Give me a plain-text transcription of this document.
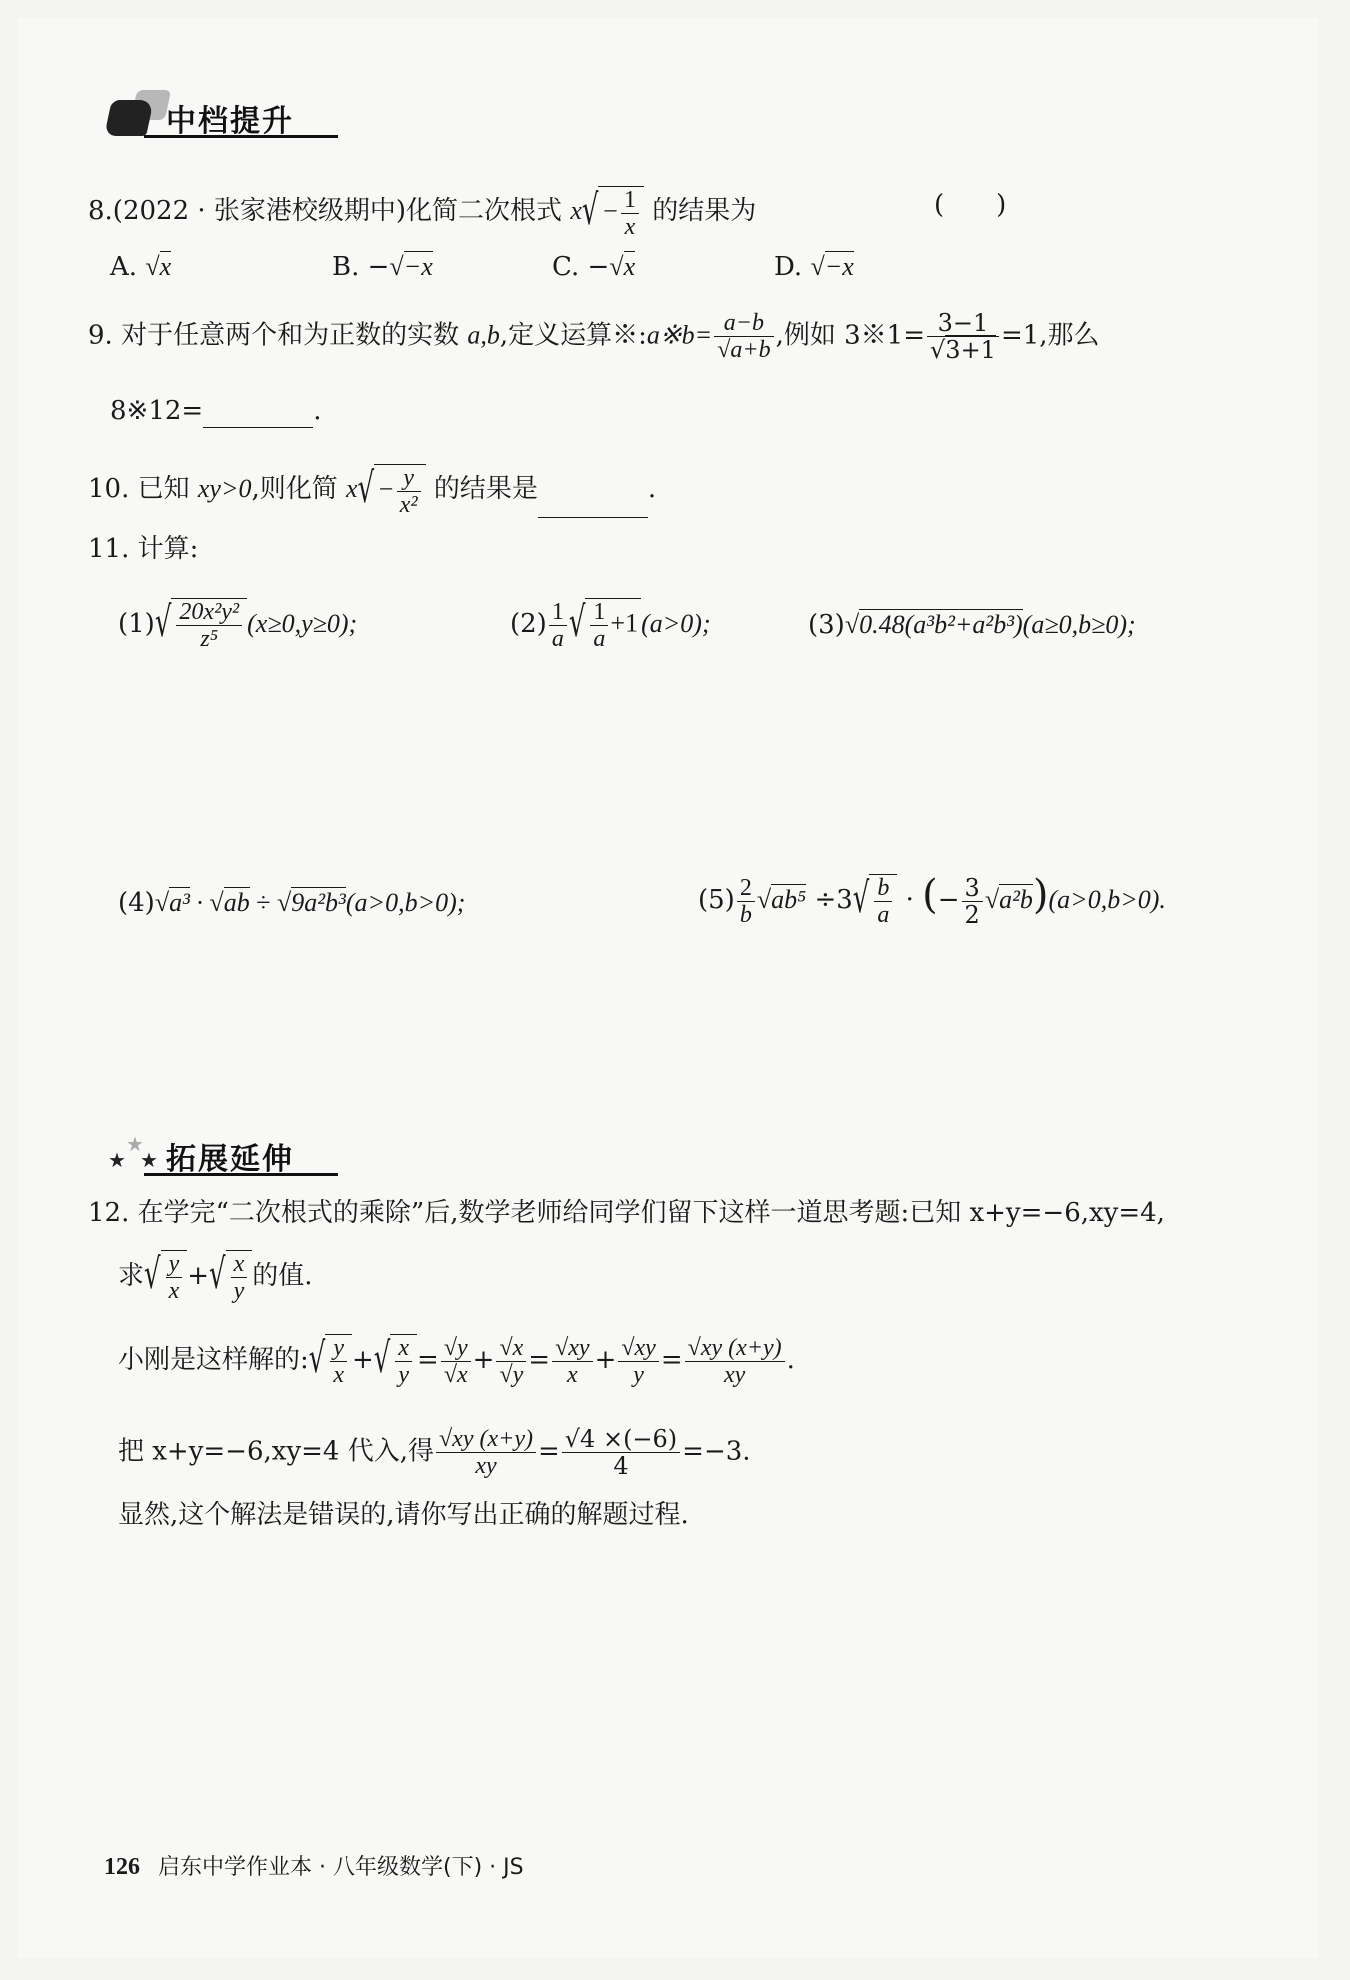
中档提升
8.(2022 · 张家港校级期中)化简二次根式 $x√ - \frac{1}{x}$ 的结果为	(　　)
A. √x	B. −√−x	C. −√x	D. √−x
9. 对于任意两个和为正数的实数 a,b,定义运算※:a※b= $\frac{a-b}{√a+b}$ ,例如 3※1= $\frac{3-1}{√3+1} =1$,那么
8※12=	.
10. 已知 xy>0,则化简 $x√ - \frac{y}{\text{x²}}$ 的结果是	.
11. 计算:
$(1)√ \frac{\text{20x²y²}}{\text{z⁵}} (x\ge 0,y\ge 0)$;	$(2) \frac{1}{a}$ √ $\frac{1}{a} +1$ (a>0);	(3)√0.48(a³b²+a²b³)(a≥0,b≥0);
(4)√a³ · √ab ÷ √9a²b³(a>0,b>0);	$(5) \frac{2}{b} √ab^5 \div 3√ \frac{b}{a}$ · (− $\frac{3}{2} √a^2b)(a>0,b>0)$.
★
★
★ 拓展延伸
12. 在学完“二次根式的乘除”后,数学老师给同学们留下这样一道思考题:已知 x+y=−6,xy=4,
求√ $\frac{y}{x}$ +√ $\frac{x}{y}$ 的值.
小刚是这样解的:√ $\frac{y}{x}$ +√ $\frac{x}{y} = \frac{√y}{√x} + \frac{√x}{√y} = \frac{√xy}{x} + \frac{√xy}{y} = \frac{√xy (x+y)}{xy}$ .
把 x+y=−6,xy=4 代入,得 $\frac{√xy (x+y)}{xy} = \frac{√4 \times(-6)}{4} =-3$.
显然,这个解法是错误的,请你写出正确的解题过程.
126 启东中学作业本 · 八年级数学(下) · JS
